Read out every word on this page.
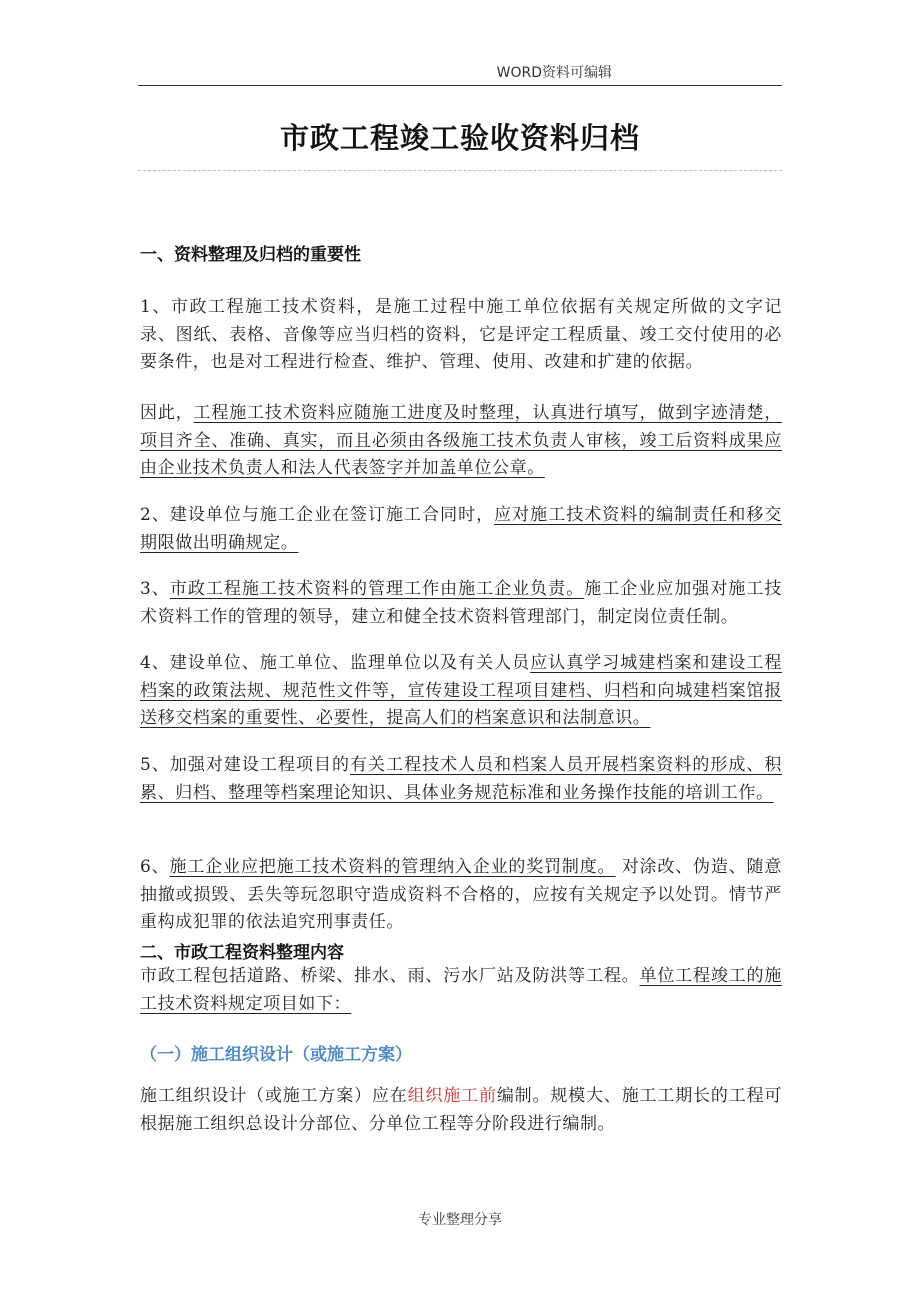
WORD资料可编辑
市政工程竣工验收资料归档
一、资料整理及归档的重要性
1、市政工程施工技术资料，是施工过程中施工单位依据有关规定所做的文字记录、图纸、表格、音像等应当归档的资料，它是评定工程质量、竣工交付使用的必要条件，也是对工程进行检查、维护、管理、使用、改建和扩建的依据。
因此，工程施工技术资料应随施工进度及时整理，认真进行填写，做到字迹清楚，项目齐全、准确、真实，而且必须由各级施工技术负责人审核，竣工后资料成果应由企业技术负责人和法人代表签字并加盖单位公章。
2、建设单位与施工企业在签订施工合同时，应对施工技术资料的编制责任和移交期限做出明确规定。
3、市政工程施工技术资料的管理工作由施工企业负责。施工企业应加强对施工技术资料工作的管理的领导，建立和健全技术资料管理部门，制定岗位责任制。
4、建设单位、施工单位、监理单位以及有关人员应认真学习城建档案和建设工程档案的政策法规、规范性文件等，宣传建设工程项目建档、归档和向城建档案馆报送移交档案的重要性、必要性，提高人们的档案意识和法制意识。
5、加强对建设工程项目的有关工程技术人员和档案人员开展档案资料的形成、积累、归档、整理等档案理论知识、具体业务规范标准和业务操作技能的培训工作。
6、施工企业应把施工技术资料的管理纳入企业的奖罚制度。 对涂改、伪造、随意抽撤或损毁、丢失等玩忽职守造成资料不合格的，应按有关规定予以处罚。情节严重构成犯罪的依法追究刑事责任。
二、市政工程资料整理内容
市政工程包括道路、桥梁、排水、雨、污水厂站及防洪等工程。单位工程竣工的施工技术资料规定项目如下：
（一）施工组织设计（或施工方案）
施工组织设计（或施工方案）应在组织施工前编制。规模大、施工工期长的工程可根据施工组织总设计分部位、分单位工程等分阶段进行编制。
专业整理分享
